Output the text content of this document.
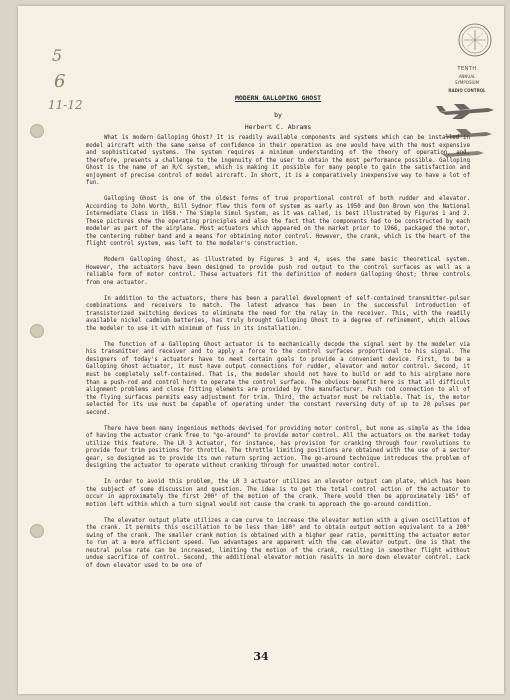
5
6
11-12
TENTH
ANNUAL
SYMPOSIUM
RADIO CONTROL
MODERN GALLOPING GHOST
by
Herbert C. Abrams

What is modern Galloping Ghost? It is readily available components and systems which can be installed in model aircraft with the same sense of confidence in their operation as one would have with the most expensive and sophisticated systems. The system requires a minimum understanding of the theory of operation, and, therefore, presents a challenge to the ingenuity of the user to obtain the most performance possible. Galloping Ghost is the name of an R/C system, which is making it possible for many people to gain the satisfaction and enjoyment of precise control of model aircraft. In short, it is a comparatively inexpensive way to have a lot of fun.

Galloping Ghost is one of the oldest forms of true proportional control of both rudder and elevator. According to John Worth, Bill Sydnor flew this form of system as early as 1950 and Don Brown won the National Intermediate Class in 1958.¹ The Simple Simul System, as it was called, is best illustrated by Figures 1 and 2. These pictures show the operating principles and also the fact that the components had to be constructed by each modeler as part of the airplane. Most actuators which appeared on the market prior to 1966, packaged the motor, the centering rubber band and a means for obtaining motor control. However, the crank, which is the heart of the flight control system, was left to the modeler's construction.

Modern Galloping Ghost, as illustrated by Figures 3 and 4, uses the same basic theoretical system. However, the actuators have been designed to provide push rod output to the control surfaces as well as a reliable form of motor control. These actuators fit the definition of modern Galloping Ghost; three controls from one actuator.

In addition to the actuators, there has been a parallel development of self-contained transmitter-pulser combinations and receivers to match. The latest advance has been in the successful introduction of transistorized switching devices to eliminate the need for the relay in the receiver. This, with the readily available nickel cadmium batteries, has truly brought Galloping Ghost to a degree of refinement, which allows the modeler to use it with minimum of fuss in its installation.

The function of a Galloping Ghost actuator is to mechanically decode the signal sent by the modeler via his transmitter and receiver and to apply a force to the control surfaces proportional to his signal. The designers of today's actuators have to meet certain goals to provide a convenient device. First, to be a Galloping Ghost actuator, it must have output connections for rudder, elevator and motor control. Second, it must be completely self-contained. That is, the modeler should not have to build or add to his airplane more than a push-rod and control horn to operate the control surface. The obvious benefit here is that all difficult alignment problems and close fitting elements are provided by the manufacturer. Push rod connection to all of the flying surfaces permits easy adjustment for trim. Third, the actuator must be reliable. That is, the motor selected for its use must be capable of operating under the constant reversing duty of up to 20 pulses per second.

There have been many ingenious methods devised for providing motor control, but none as simple as the idea of having the actuator crank free to "go-around" to provide motor control. All the actuators on the market today utilize this feature. The LR 3 Actuator, for instance, has provision for cranking through four revolutions to provide four trim positions for throttle. The throttle limiting positions are obtained with the use of a sector gear, so designed as to provide its own return spring action. The go-around technique introduces the problem of designing the actuator to operate without cranking through for unwanted motor control.

In order to avoid this problem, the LR 3 actuator utilizes an elevator output cam plate, which has been the subject of some discussion and question. The idea is to get the total control action of the actuator to occur in approximately the first 200° of the motion of the crank. There would then be approximately 185° of motion left within which a turn signal would not cause the crank to approach the go-around condition.

The elevator output plate utilizes a cam curve to increase the elevator motion with a given oscillation of the crank. It permits this oscillation to be less than 180° and to obtain output motion equivalent to a 200° swing of the crank. The smaller crank motion is obtained with a higher gear ratio, permitting the actuator motor to run at a more efficient speed. Two advantages are apparent with the cam elevator output. One is that the neutral pulse rate can be increased, limiting the motion of the crank, resulting in smoother flight without undue sacrifice of control. Second, the additional elevator motion results in more down elevator control. Lack of down elevator used to be one of

34
